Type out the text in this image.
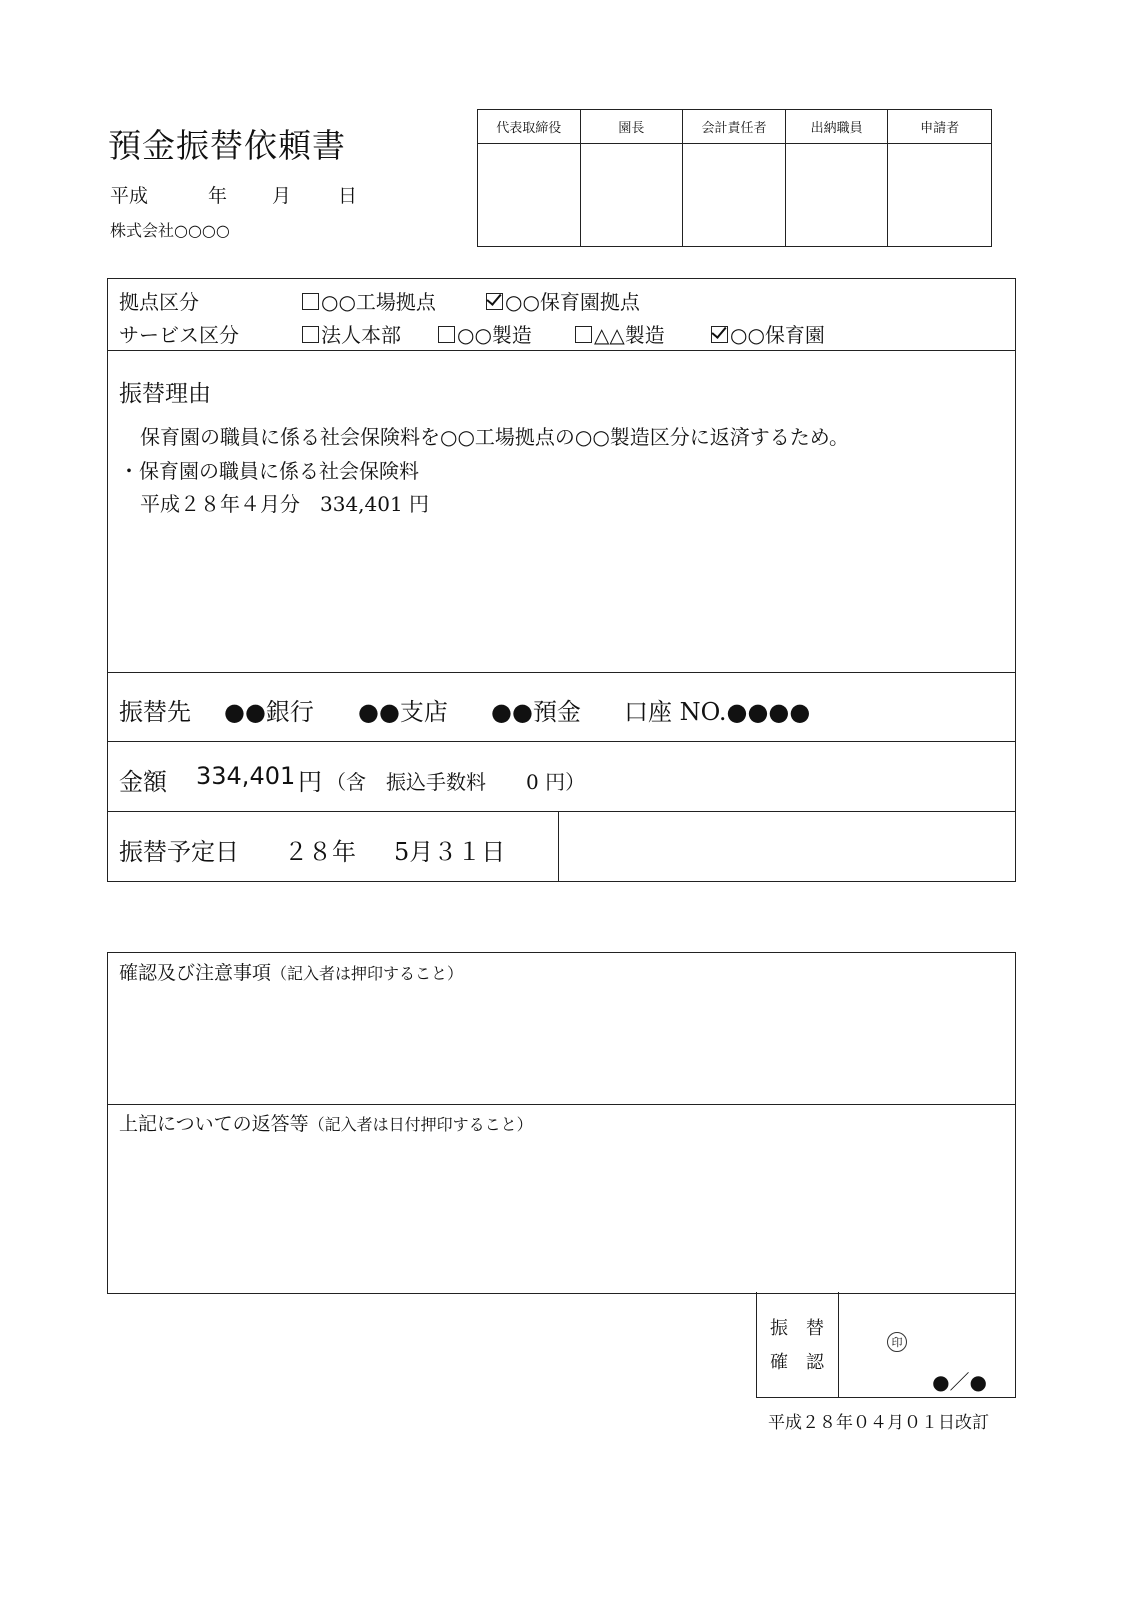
預金振替依頼書
平成	年 月 日
株式会社○○○○
代表取締役	園長	会計責任者	出納職員	申請者
拠点区分	○○工場拠点	○○保育園拠点
サービス区分	法人本部	○○製造	△△製造	○○保育園
振替理由
保育園の職員に係る社会保険料を○○工場拠点の○○製造区分に返済するため。
・保育園の職員に係る社会保険料
平成２８年４月分　334,401 円
振替先 ●●銀行 ●●支店 ●●預金 口座 NO.●●●●
金額 334,401 円 （含　振込手数料　　0 円）
振替予定日 ２８年 5月３１日
確認及び注意事項（記入者は押印すること）
上記についての返答等（記入者は日付押印すること）
振　替
確　認
印
●／●
平成２８年０４月０１日改訂
